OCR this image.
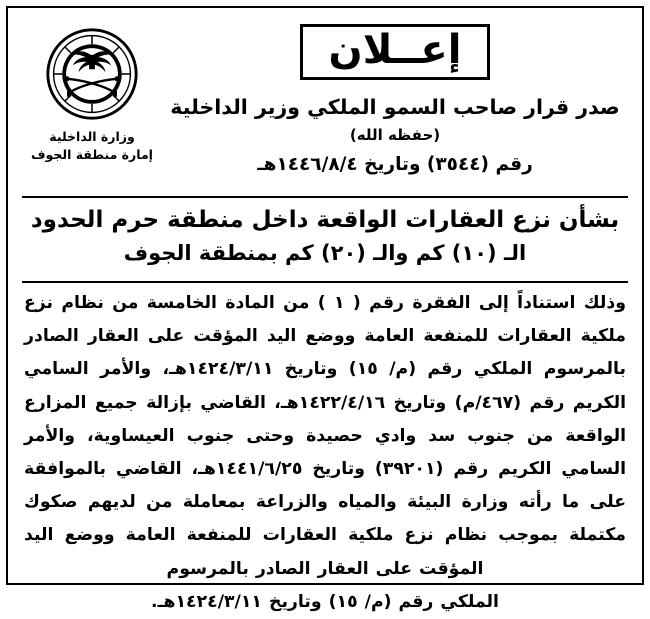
إعــلان
صدر قرار صاحب السمو الملكي وزير الداخلية
(حفظه الله)
رقم (٣٥٤٤) وتاريخ ١٤٤٦/٨/٤هـ
وزارة الداخلية
إمارة منطقة الجوف
بشأن نزع العقارات الواقعة داخل منطقة حرم الحدود
الـ (١٠) كم والـ (٢٠) كم بمنطقة الجوف

وذلك استناداً إلى الفقرة رقم ( ١ ) من المادة الخامسة من نظام نزع ملكية العقارات للمنفعة العامة ووضع اليد المؤقت على العقار الصادر بالمرسوم الملكي رقم (م/ ١٥) وتاريخ ١٤٢٤/٣/١١هـ، والأمر السامي الكريم رقم (٤٦٧/م) وتاريخ ١٤٢٢/٤/١٦هـ، القاضي بإزالة جميع المزارع الواقعة من جنوب سد وادي حصيدة وحتى جنوب العيساوية، والأمر السامي الكريم رقم (٣٩٢٠١) وتاريخ ١٤٤١/٦/٢٥هـ، القاضي بالموافقة على ما رأته وزارة البيئة والمياه والزراعة بمعاملة من لديهم صكوك مكتملة بموجب نظام نزع ملكية العقارات للمنفعة العامة ووضع اليد المؤقت على العقار الصادر بالمرسوم

الملكي رقم (م/ ١٥) وتاريخ ١٤٢٤/٣/١١هـ.
